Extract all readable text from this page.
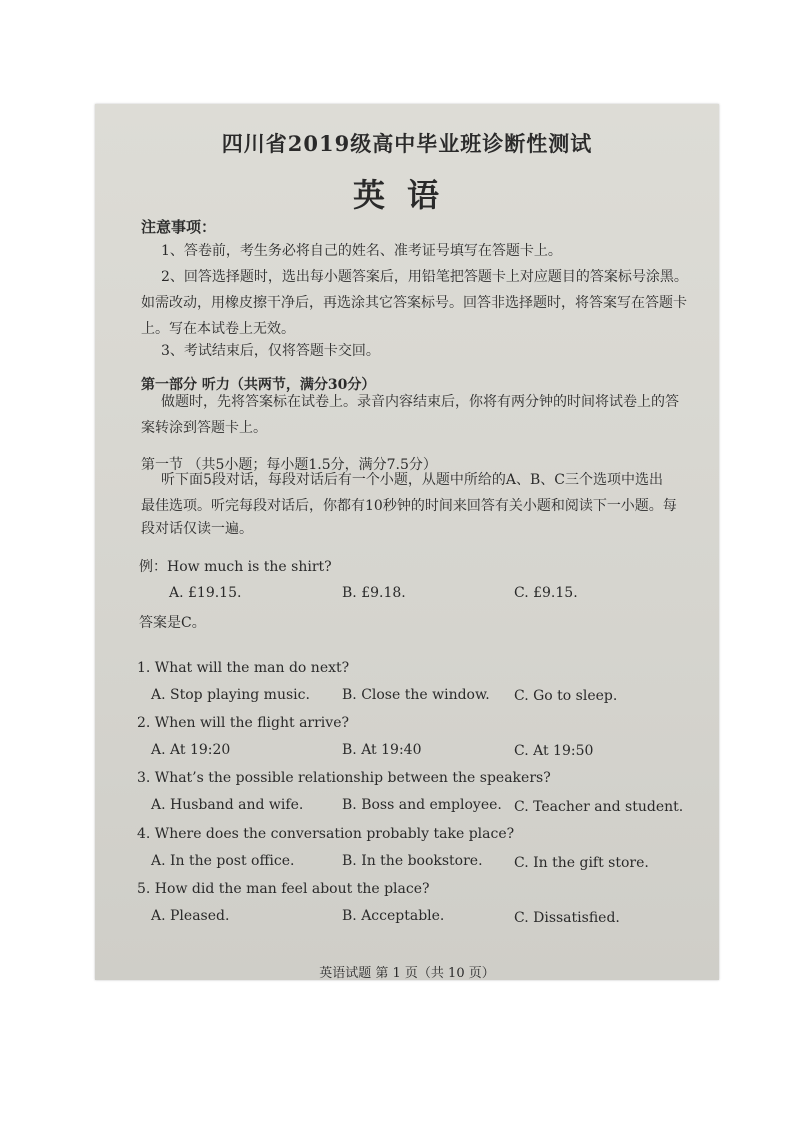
四川省2019级高中毕业班诊断性测试
英语
注意事项：
1、答卷前，考生务必将自己的姓名、准考证号填写在答题卡上。
2、回答选择题时，选出每小题答案后，用铅笔把答题卡上对应题目的答案标号涂黑。
如需改动，用橡皮擦干净后，再选涂其它答案标号。回答非选择题时，将答案写在答题卡
上。写在本试卷上无效。
3、考试结束后，仅将答题卡交回。
第一部分 听力（共两节，满分30分）
做题时，先将答案标在试卷上。录音内容结束后，你将有两分钟的时间将试卷上的答
案转涂到答题卡上。
第一节 （共5小题；每小题1.5分，满分7.5分）
听下面5段对话，每段对话后有一个小题，从题中所给的A、B、C三个选项中选出
最佳选项。听完每段对话后，你都有10秒钟的时间来回答有关小题和阅读下一小题。每
段对话仅读一遍。
例：How much is the shirt?
A. £19.15.	B. £9.18.	C. £9.15.
答案是C。
1. What will the man do next?
A. Stop playing music. B. Close the window. C. Go to sleep.
2. When will the flight arrive?
A. At 19:20	B. At 19:40	C. At 19:50
3. What’s the possible relationship between the speakers?
A. Husband and wife.	B. Boss and employee. C. Teacher and student.
4. Where does the conversation probably take place?
A. In the post office.	B. In the bookstore. C. In the gift store.
5. How did the man feel about the place?
A. Pleased.	B. Acceptable.	C. Dissatisfied.
英语试题 第 1 页（共 10 页）
